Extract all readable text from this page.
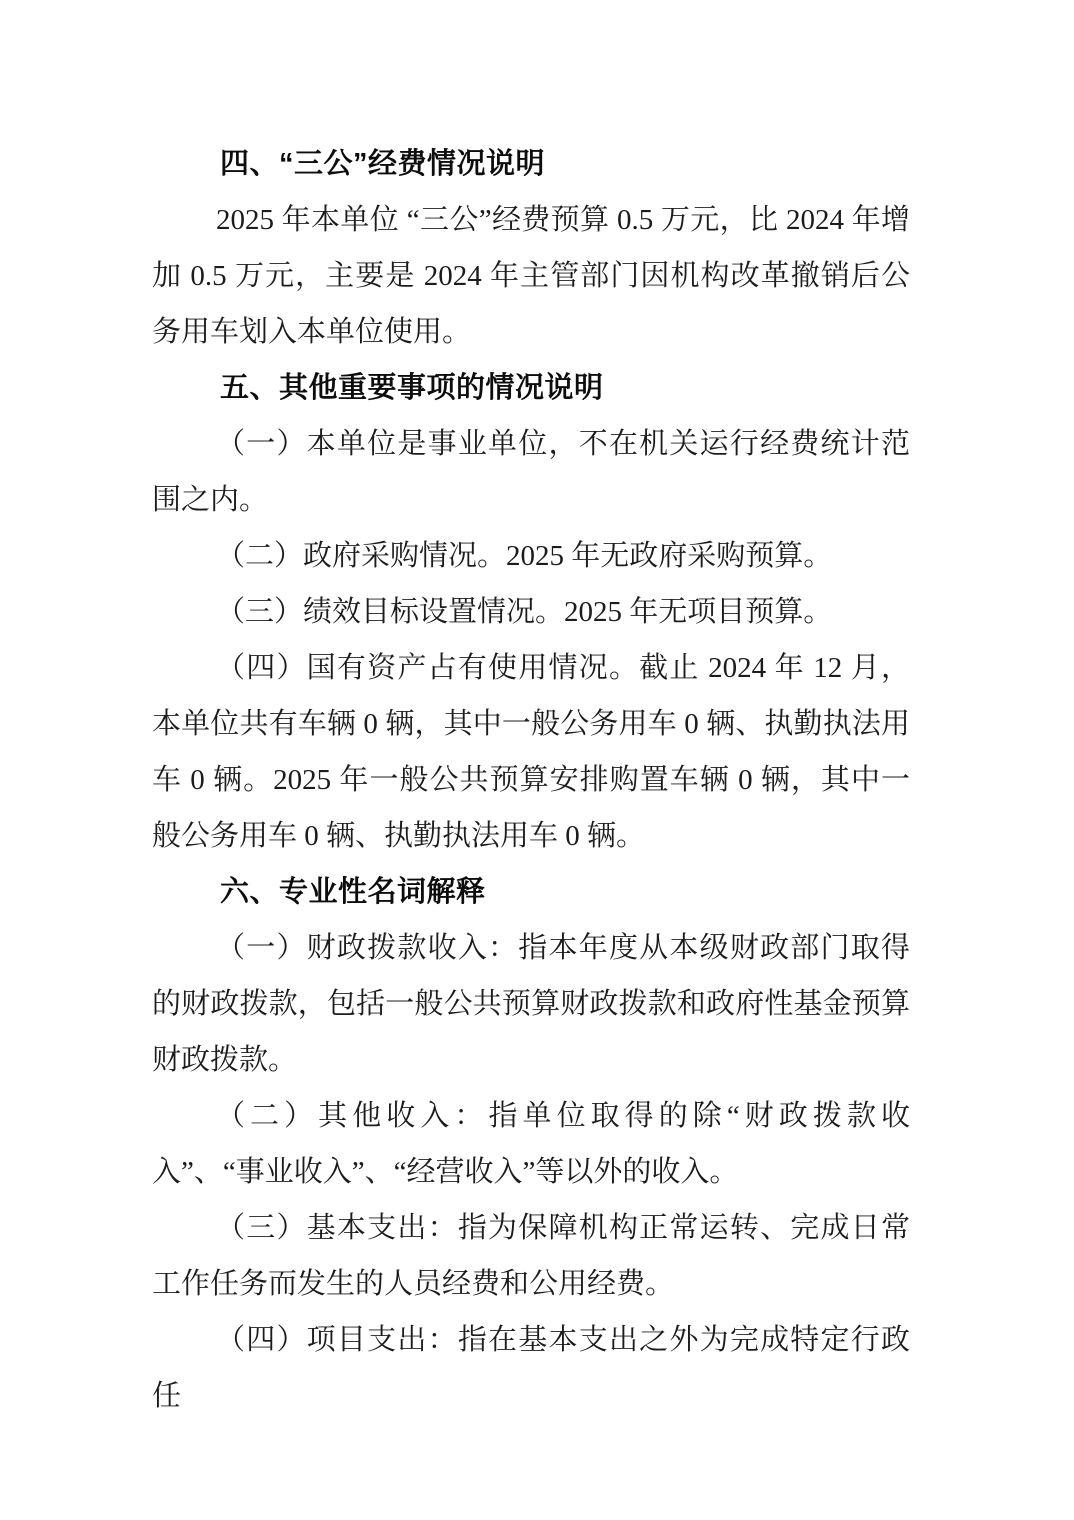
四、“三公”经费情况说明

2025 年本单位 “三公”经费预算 0.5 万元，比 2024 年增加 0.5 万元，主要是 2024 年主管部门因机构改革撤销后公务用车划入本单位使用。

五、其他重要事项的情况说明

（一）本单位是事业单位，不在机关运行经费统计范围之内。

（二）政府采购情况。2025 年无政府采购预算。

（三）绩效目标设置情况。2025 年无项目预算。

（四）国有资产占有使用情况。截止 2024 年 12 月，本单位共有车辆 0 辆，其中一般公务用车 0 辆、执勤执法用车 0 辆。2025 年一般公共预算安排购置车辆 0 辆，其中一般公务用车 0 辆、执勤执法用车 0 辆。

六、专业性名词解释

（一）财政拨款收入：指本年度从本级财政部门取得的财政拨款，包括一般公共预算财政拨款和政府性基金预算财政拨款。

（二）其他收入：指单位取得的除“财政拨款收入”、“事业收入”、“经营收入”等以外的收入。

（三）基本支出：指为保障机构正常运转、完成日常工作任务而发生的人员经费和公用经费。

（四）项目支出：指在基本支出之外为完成特定行政任
